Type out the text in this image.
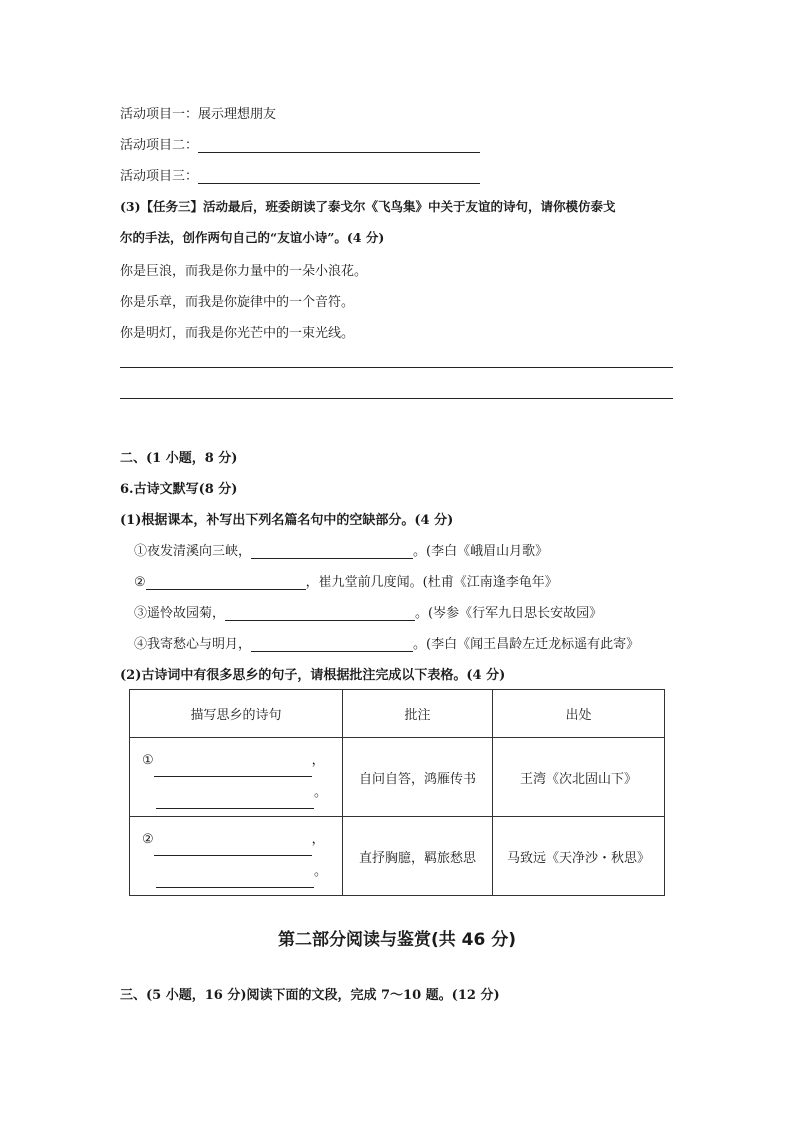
活动项目一：展示理想朋友
活动项目二：
活动项目三：
(3)【任务三】活动最后，班委朗读了泰戈尔《飞鸟集》中关于友谊的诗句，请你模仿泰戈
尔的手法，创作两句自己的“友谊小诗”。(4 分)
你是巨浪，而我是你力量中的一朵小浪花。
你是乐章，而我是你旋律中的一个音符。
你是明灯，而我是你光芒中的一束光线。
二、(1 小题，8 分)
6.古诗文默写(8 分)
(1)根据课本，补写出下列名篇名句中的空缺部分。(4 分)
①夜发清溪向三峡，	。(李白《峨眉山月歌》
②	，崔九堂前几度闻。(杜甫《江南逢李龟年》
③遥怜故园菊，	。(岑参《行军九日思长安故园》
④我寄愁心与明月，	。(李白《闻王昌龄左迁龙标遥有此寄》
(2)古诗词中有很多思乡的句子，请根据批注完成以下表格。(4 分)
描写思乡的诗句	批注	出处

① ，
。	自问自答，鸿雁传书	王湾《次北固山下》

② ，
。	直抒胸臆，羁旅愁思	马致远《天净沙・秋思》
第二部分阅读与鉴赏(共 46 分)
三、(5 小题，16 分)阅读下面的文段，完成 7～10 题。(12 分)
